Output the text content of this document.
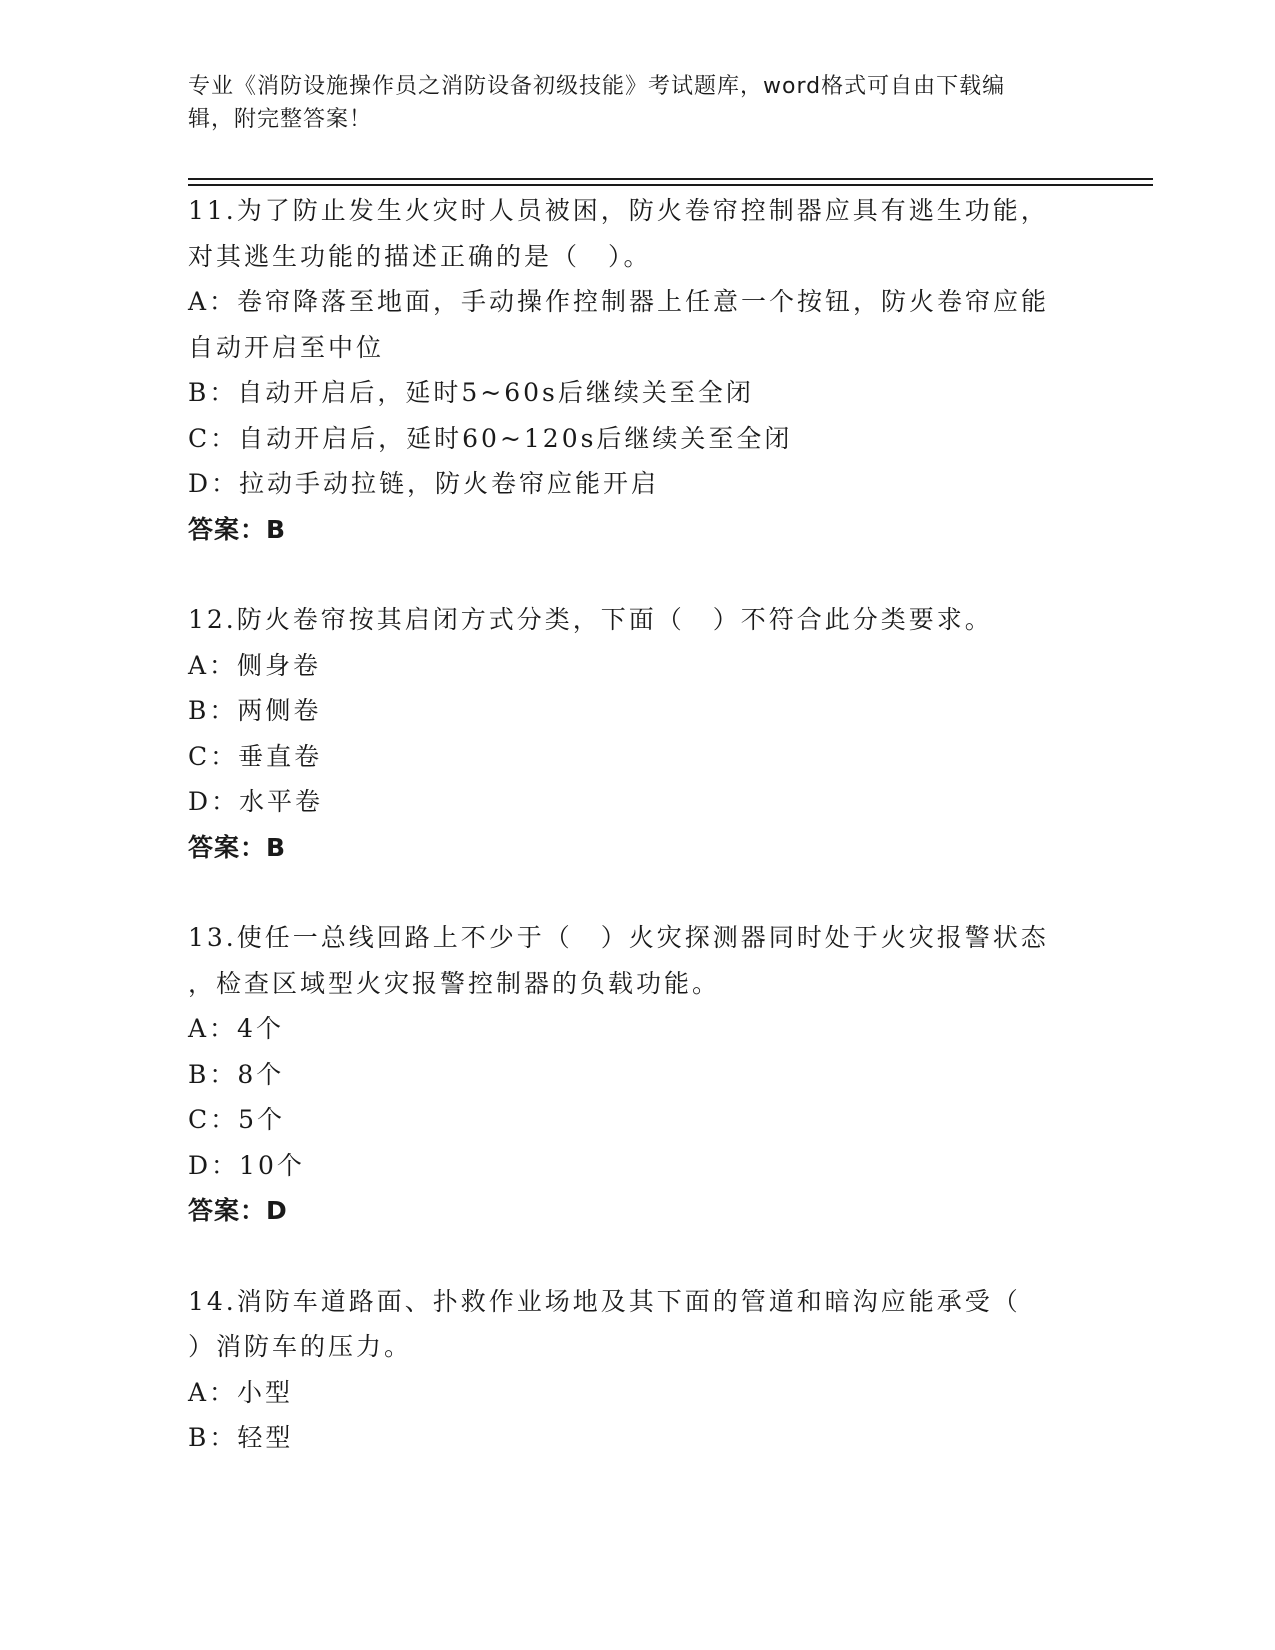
专业《消防设施操作员之消防设备初级技能》考试题库，word格式可自由下载编
辑，附完整答案！
11.为了防止发生火灾时人员被困，防火卷帘控制器应具有逃生功能，
对其逃生功能的描述正确的是（　）。
A：卷帘降落至地面，手动操作控制器上任意一个按钮，防火卷帘应能
自动开启至中位
B：自动开启后，延时5~60s后继续关至全闭
C：自动开启后，延时60~120s后继续关至全闭
D：拉动手动拉链，防火卷帘应能开启
答案：B
12.防火卷帘按其启闭方式分类，下面（　）不符合此分类要求。
A：侧身卷
B：两侧卷
C：垂直卷
D：水平卷
答案：B
13.使任一总线回路上不少于（　）火灾探测器同时处于火灾报警状态
，检查区域型火灾报警控制器的负载功能。
A：4个
B：8个
C：5个
D：10个
答案：D
14.消防车道路面、扑救作业场地及其下面的管道和暗沟应能承受（
）消防车的压力。
A：小型
B：轻型
